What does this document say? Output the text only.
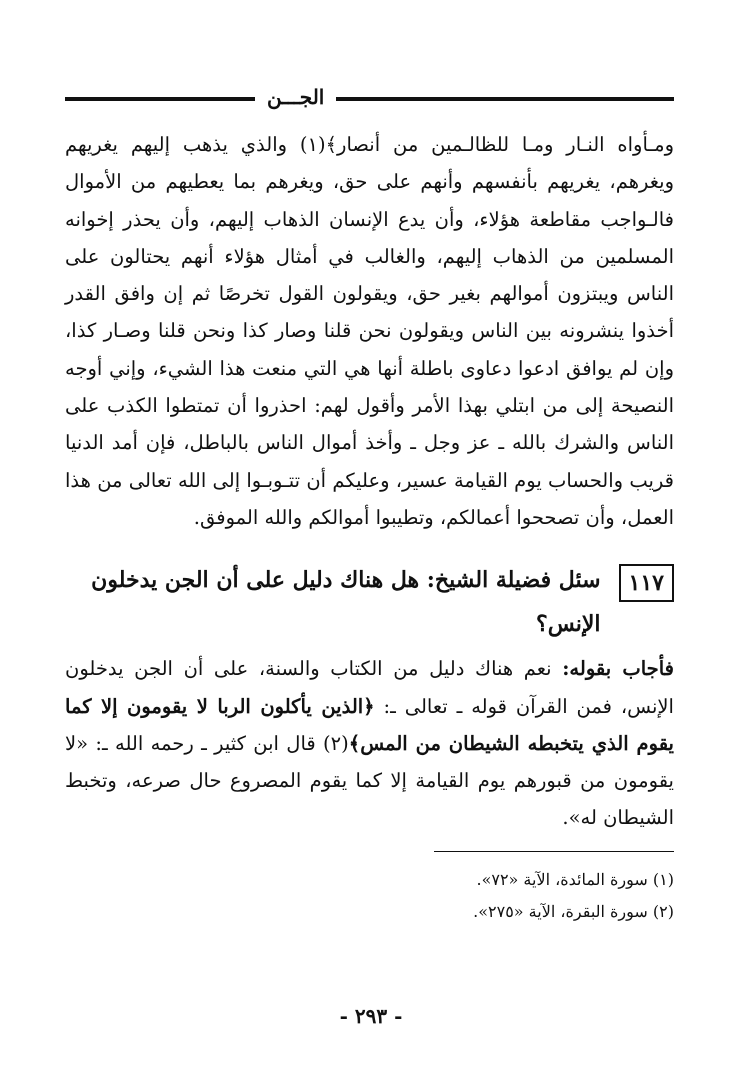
الجـــن

ومـأواه النـار ومـا للظالـمين من أنصار﴾(١) والذي يذهب إليهم يغريهم ويغرهم، يغريهم بأنفسهم وأنهم على حق، ويغرهم بما يعطيهم من الأموال فالـواجب مقاطعة هؤلاء، وأن يدع الإنسان الذهاب إليهم، وأن يحذر إخوانه المسلمين من الذهاب إليهم، والغالب في أمثال هؤلاء أنهم يحتالون على الناس ويبتزون أموالهم بغير حق، ويقولون القول تخرصًا ثم إن وافق القدر أخذوا ينشرونه بين الناس ويقولون نحن قلنا وصار كذا ونحن قلنا وصـار كذا، وإن لم يوافق ادعوا دعاوى باطلة أنها هي التي منعت هذا الشيء، وإني أوجه النصيحة إلى من ابتلي بهذا الأمر وأقول لهم: احذروا أن تمتطوا الكذب على الناس والشرك بالله ـ عز وجل ـ وأخذ أموال الناس بالباطل، فإن أمد الدنيا قريب والحساب يوم القيامة عسير، وعليكم أن تتـوبـوا إلى الله تعالى من هذا العمل، وأن تصححوا أعمالكم، وتطيبوا أموالكم والله الموفق.

١١٧
سئل فضيلة الشيخ: هل هناك دليل على أن الجن يدخلون الإنس؟

فأجاب بقوله: نعم هناك دليل من الكتاب والسنة، على أن الجن يدخلون الإنس، فمن القرآن قوله ـ تعالى ـ: ﴿الذين يأكلون الربا لا يقومون إلا كما يقوم الذي يتخبطه الشيطان من المس﴾(٢) قال ابن كثير ـ رحمه الله ـ: «لا يقومون من قبورهم يوم القيامة إلا كما يقوم المصروع حال صرعه، وتخبط الشيطان له».

(١) سورة المائدة، الآية «٧٢».
(٢) سورة البقرة، الآية «٢٧٥».
- ٢٩٣ -
